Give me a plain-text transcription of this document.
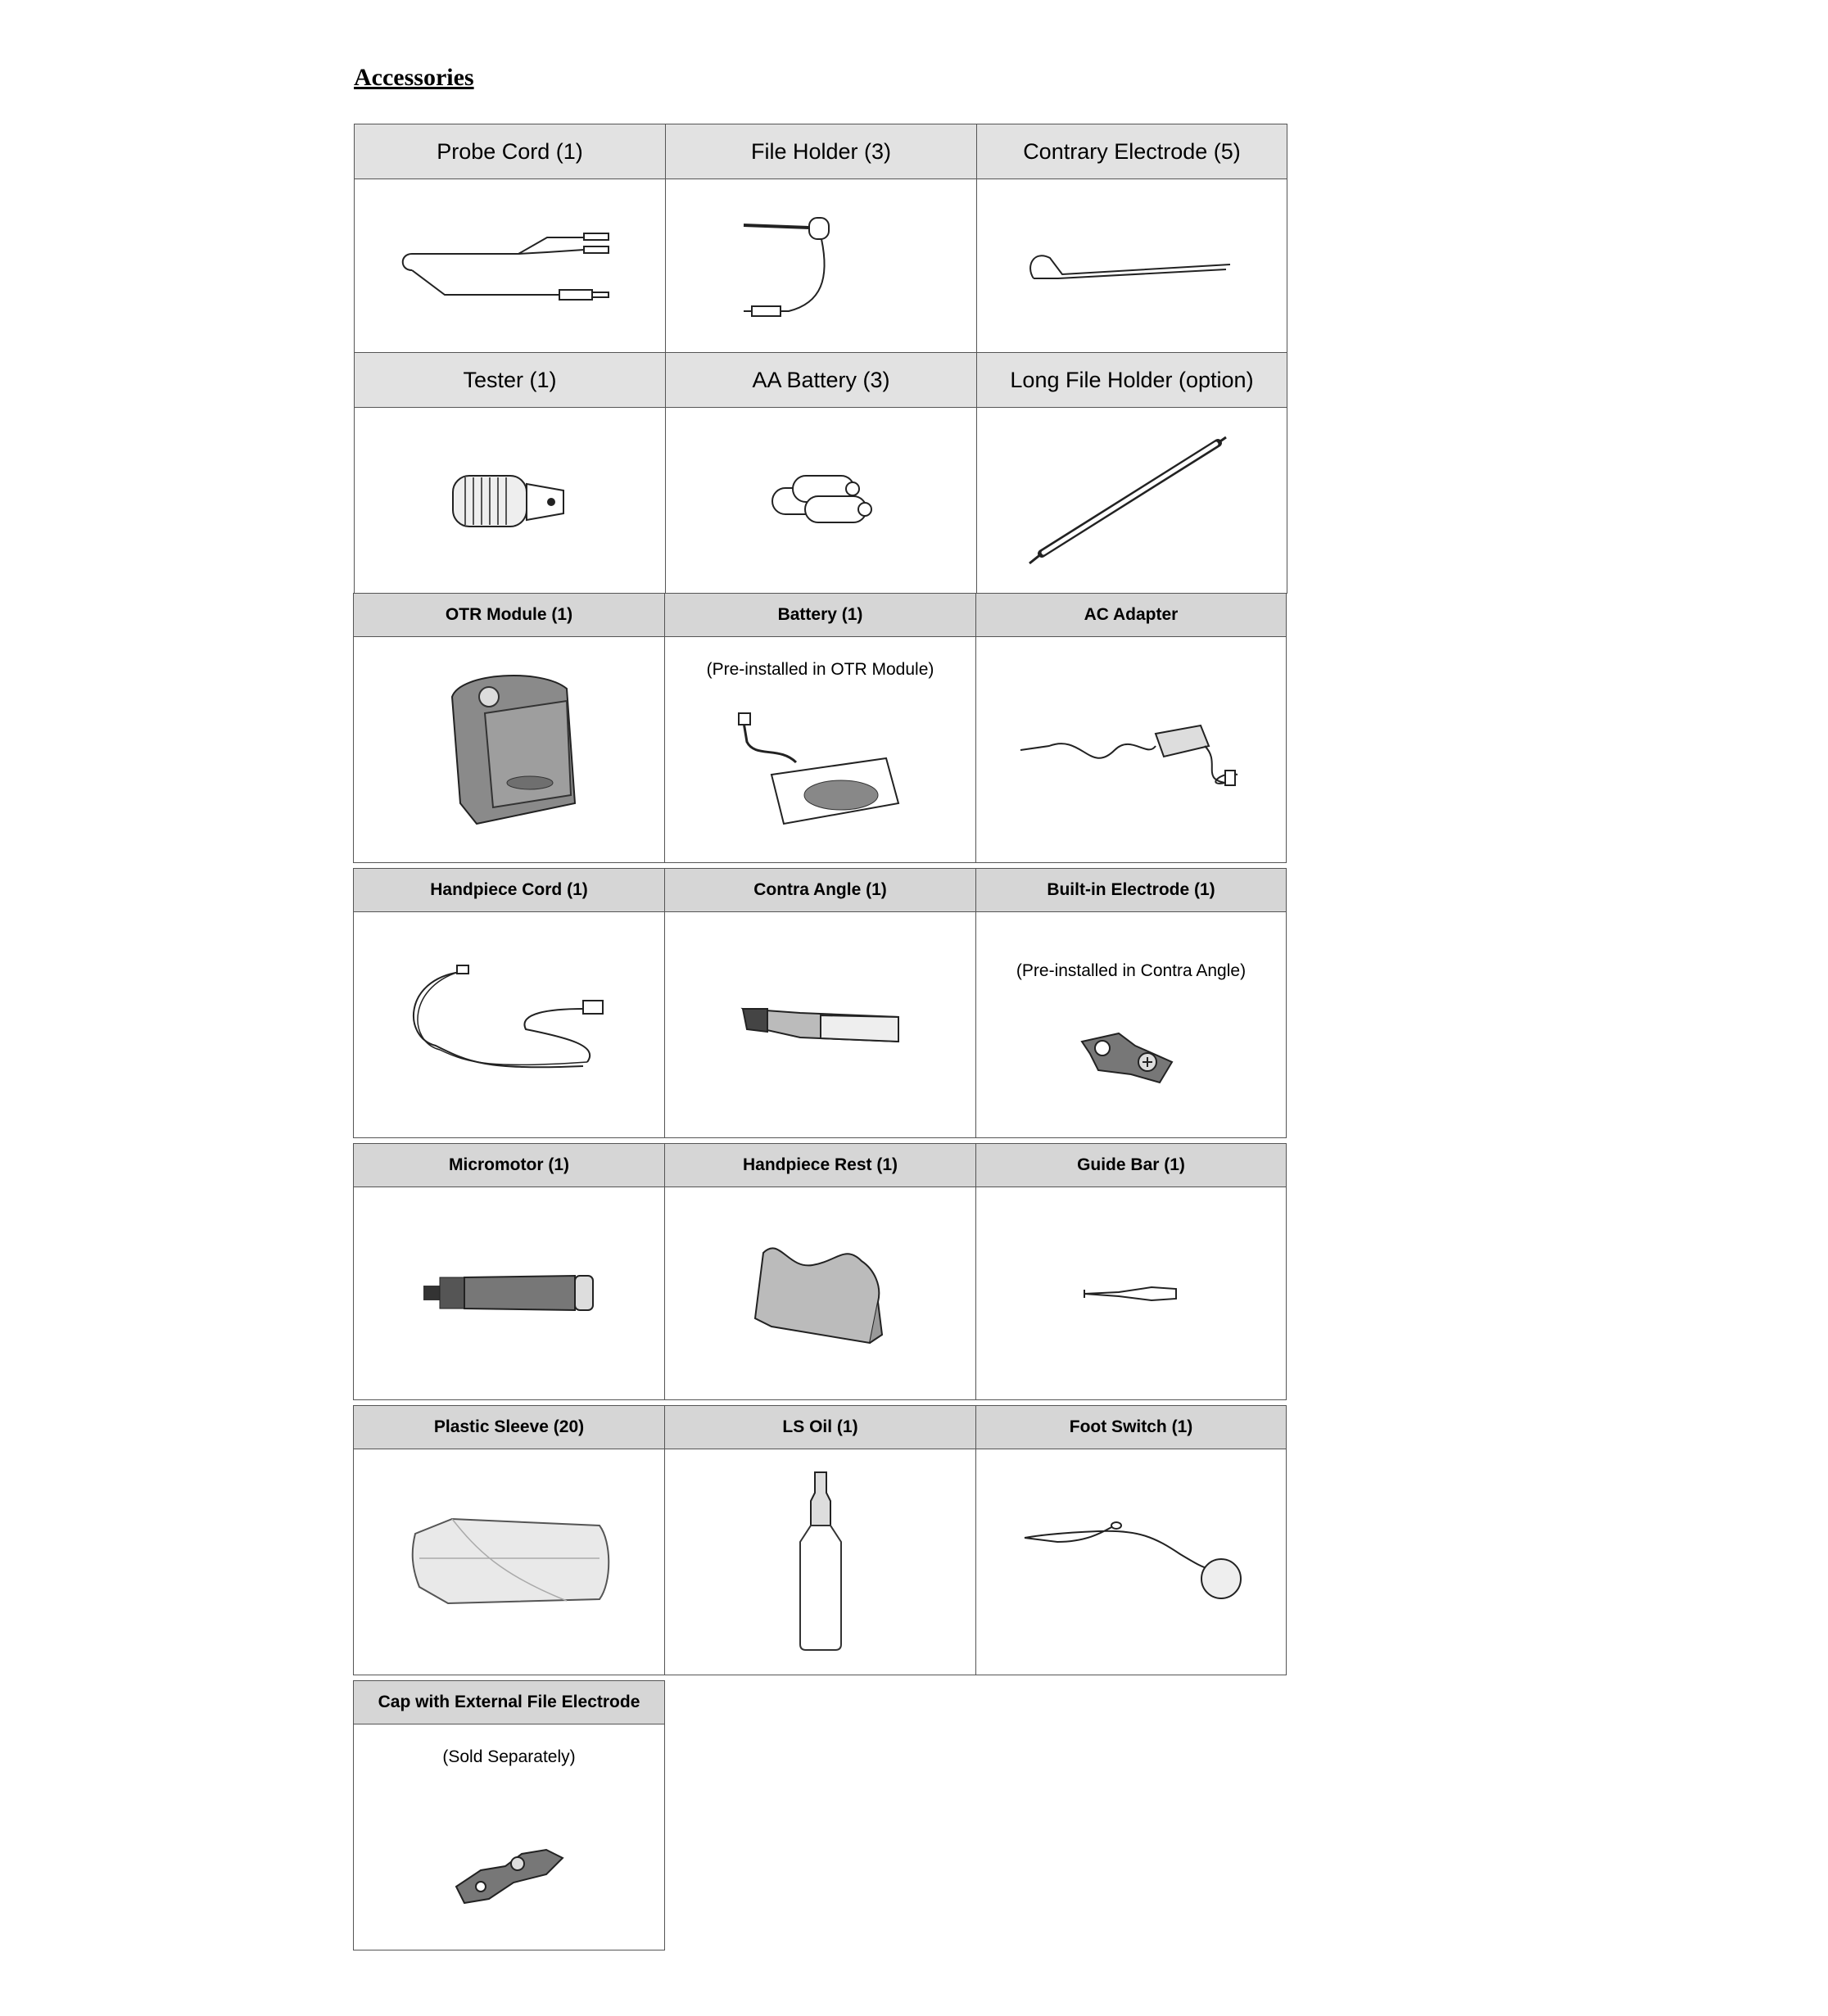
Accessories
Probe Cord (1)	File Holder (3)	Contrary Electrode (5)

Tester (1)	AA Battery (3)	Long File Holder (option)

OTR Module (1)	Battery (1)	AC Adapter

(Pre-installed in OTR Module)

Handpiece Cord (1)	Contra Angle (1)	Built-in Electrode (1)

(Pre-installed in Contra Angle)

Micromotor (1)	Handpiece Rest (1)	Guide Bar (1)

Plastic Sleeve (20)	LS Oil (1)	Foot Switch (1)

Cap with External File Electrode		

(Sold Separately)		
